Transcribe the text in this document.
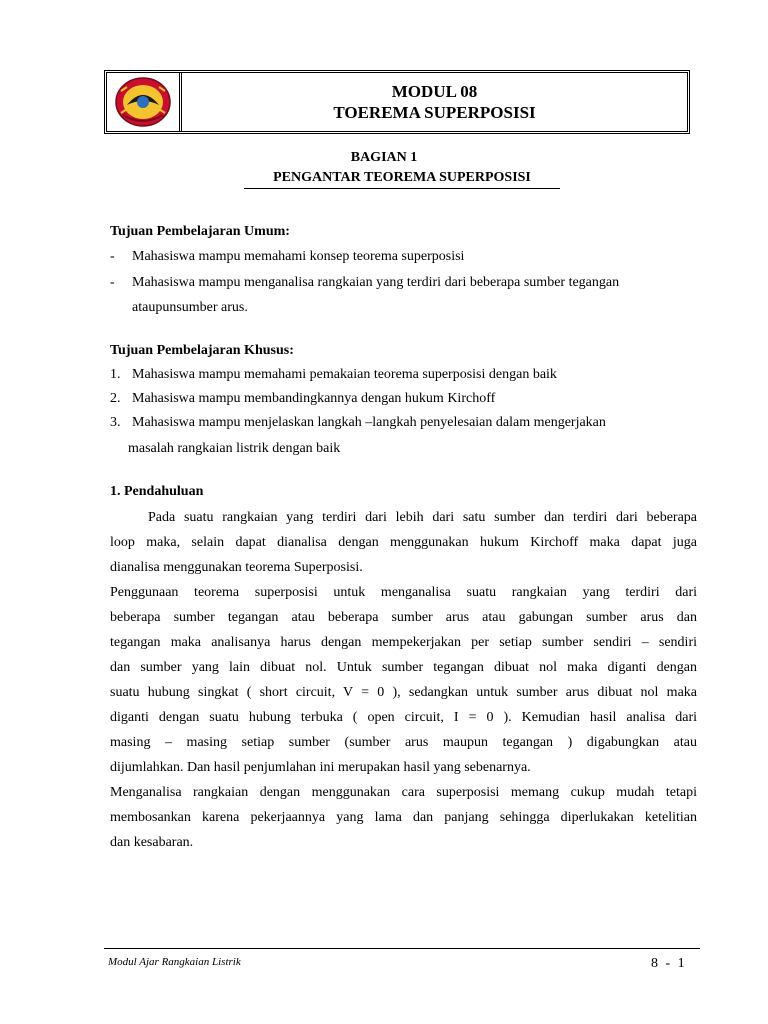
MODUL 08
TOEREMA SUPERPOSISI
BAGIAN 1
PENGANTAR TEOREMA SUPERPOSISI
Tujuan Pembelajaran Umum:
- Mahasiswa mampu memahami konsep teorema superposisi
- Mahasiswa mampu menganalisa rangkaian yang terdiri dari beberapa sumber tegangan
ataupunsumber arus.
Tujuan Pembelajaran Khusus:
1. Mahasiswa mampu memahami pemakaian teorema superposisi dengan baik
2. Mahasiswa mampu membandingkannya dengan hukum Kirchoff
3. Mahasiswa mampu menjelaskan langkah –langkah penyelesaian dalam mengerjakan
masalah rangkaian listrik dengan baik
1. Pendahuluan
Pada suatu rangkaian yang terdiri dari lebih dari satu sumber dan terdiri dari beberapa
loop maka, selain dapat dianalisa dengan menggunakan hukum Kirchoff maka dapat juga
dianalisa menggunakan teorema Superposisi.
Penggunaan teorema superposisi untuk menganalisa suatu rangkaian yang terdiri dari
beberapa sumber tegangan atau beberapa sumber arus atau gabungan sumber arus dan
tegangan maka analisanya harus dengan mempekerjakan per setiap sumber sendiri – sendiri
dan sumber yang lain dibuat nol. Untuk sumber tegangan dibuat nol maka diganti dengan
suatu hubung singkat ( short circuit, V = 0 ), sedangkan untuk sumber arus dibuat nol maka
diganti dengan suatu hubung terbuka ( open circuit, I = 0 ). Kemudian hasil analisa dari
masing – masing setiap sumber (sumber arus maupun tegangan ) digabungkan atau
dijumlahkan. Dan hasil penjumlahan ini merupakan hasil yang sebenarnya.
Menganalisa rangkaian dengan menggunakan cara superposisi memang cukup mudah tetapi
membosankan karena pekerjaannya yang lama dan panjang sehingga diperlukakan ketelitian
dan kesabaran.
Modul Ajar Rangkaian Listrik	8 - 1
